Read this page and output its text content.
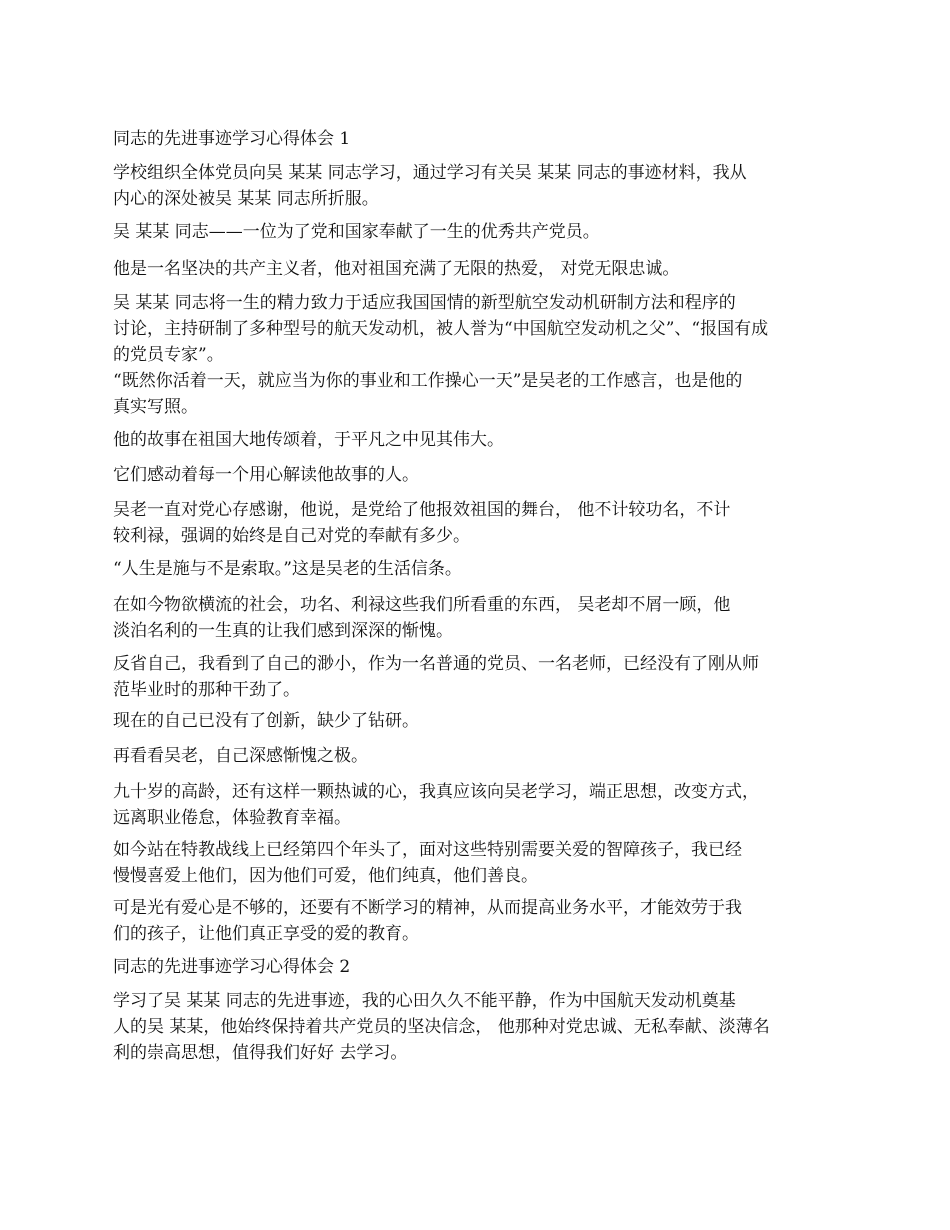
同志的先进事迹学习心得体会 1

学校组织全体党员向吴 某某 同志学习，通过学习有关吴 某某 同志的事迹材料，我从
内心的深处被吴 某某 同志所折服。

吴 某某 同志——一位为了党和国家奉献了一生的优秀共产党员。

他是一名坚决的共产主义者，他对祖国充满了无限的热爱， 对党无限忠诚。

吴 某某 同志将一生的精力致力于适应我国国情的新型航空发动机研制方法和程序的
讨论，主持研制了多种型号的航天发动机，被人誉为“中国航空发动机之父”、“报国有成
的党员专家”。

“既然你活着一天，就应当为你的事业和工作操心一天”是吴老的工作感言，也是他的
真实写照。

他的故事在祖国大地传颂着，于平凡之中见其伟大。

它们感动着每一个用心解读他故事的人。

吴老一直对党心存感谢，他说，是党给了他报效祖国的舞台， 他不计较功名，不计
较利禄，强调的始终是自己对党的奉献有多少。

“人生是施与不是索取。”这是吴老的生活信条。

在如今物欲横流的社会，功名、利禄这些我们所看重的东西， 吴老却不屑一顾，他
淡泊名利的一生真的让我们感到深深的惭愧。

反省自己，我看到了自己的渺小，作为一名普通的党员、一名老师，已经没有了刚从师
范毕业时的那种干劲了。

现在的自己已没有了创新，缺少了钻研。

再看看吴老，自己深感惭愧之极。

九十岁的高龄，还有这样一颗热诚的心，我真应该向吴老学习，端正思想，改变方式，
远离职业倦怠，体验教育幸福。

如今站在特教战线上已经第四个年头了，面对这些特别需要关爱的智障孩子，我已经
慢慢喜爱上他们，因为他们可爱，他们纯真，他们善良。

可是光有爱心是不够的，还要有不断学习的精神，从而提高业务水平，才能效劳于我
们的孩子，让他们真正享受的爱的教育。

同志的先进事迹学习心得体会 2

学习了吴 某某 同志的先进事迹，我的心田久久不能平静，作为中国航天发动机奠基
人的吴 某某，他始终保持着共产党员的坚决信念， 他那种对党忠诚、无私奉献、淡薄名
利的崇高思想，值得我们好好 去学习。
